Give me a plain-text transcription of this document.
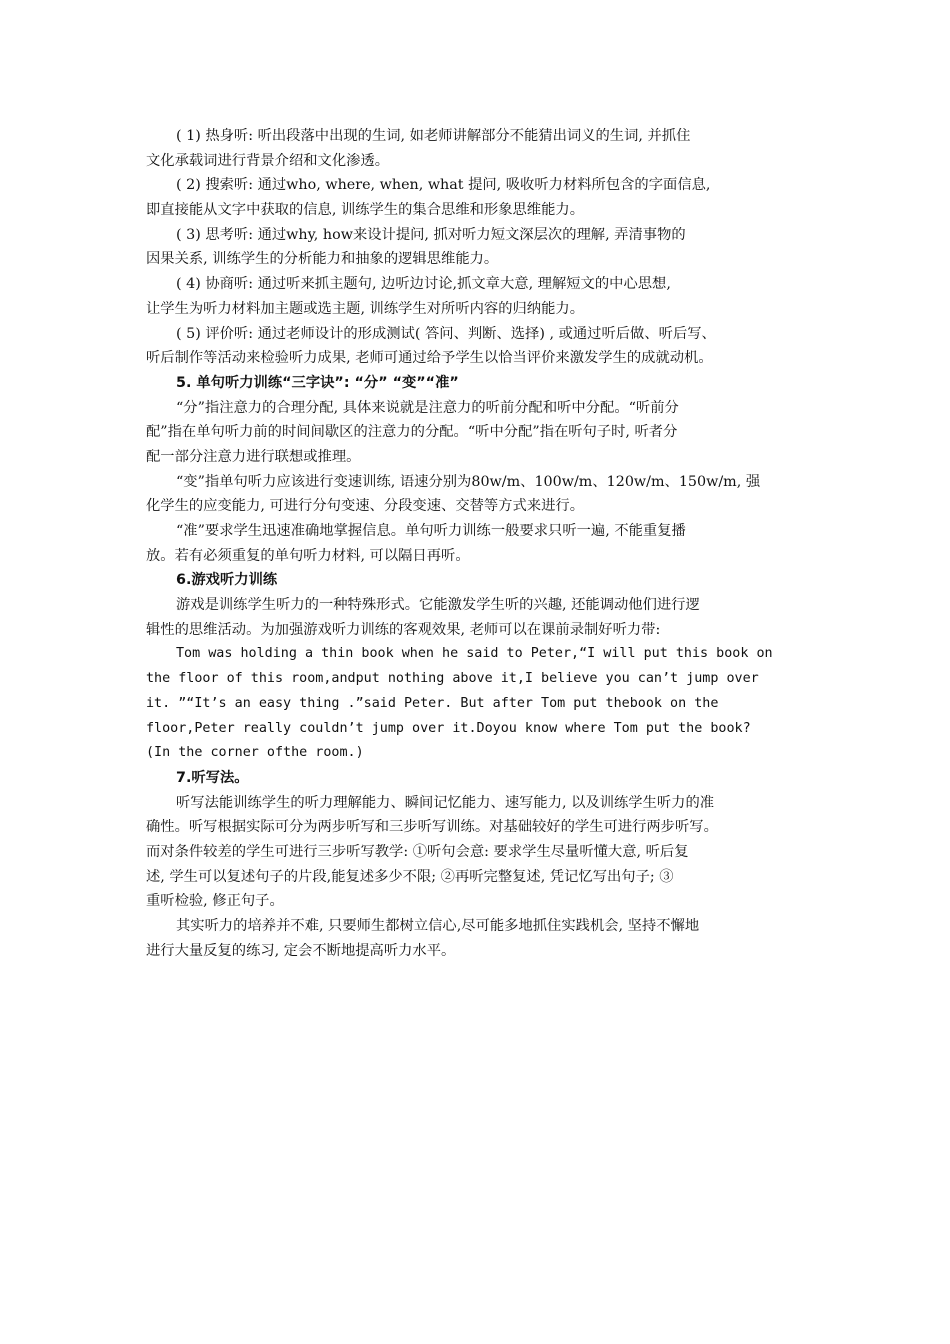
( 1) 热身听: 听出段落中出现的生词, 如老师讲解部分不能猜出词义的生词, 并抓住
文化承载词进行背景介绍和文化渗透。
( 2) 搜索听: 通过who, where, when, what 提问, 吸收听力材料所包含的字面信息,
即直接能从文字中获取的信息, 训练学生的集合思维和形象思维能力。
( 3) 思考听: 通过why, how来设计提问, 抓对听力短文深层次的理解, 弄清事物的
因果关系, 训练学生的分析能力和抽象的逻辑思维能力。
( 4) 协商听: 通过听来抓主题句, 边听边讨论,抓文章大意, 理解短文的中心思想,
让学生为听力材料加主题或选主题, 训练学生对所听内容的归纳能力。
( 5) 评价听: 通过老师设计的形成测试( 答问、判断、选择) , 或通过听后做、听后写、
听后制作等活动来检验听力成果, 老师可通过给予学生以恰当评价来激发学生的成就动机。
5. 单句听力训练“三字诀”: “分” “变”“准”
“分”指注意力的合理分配, 具体来说就是注意力的听前分配和听中分配。“听前分
配”指在单句听力前的时间间歇区的注意力的分配。“听中分配”指在听句子时, 听者分
配一部分注意力进行联想或推理。
“变”指单句听力应该进行变速训练, 语速分别为80w/m、100w/m、120w/m、150w/m, 强
化学生的应变能力, 可进行分句变速、分段变速、交替等方式来进行。
“准”要求学生迅速准确地掌握信息。单句听力训练一般要求只听一遍, 不能重复播
放。若有必须重复的单句听力材料, 可以隔日再听。
6.游戏听力训练
游戏是训练学生听力的一种特殊形式。它能激发学生听的兴趣, 还能调动他们进行逻
辑性的思维活动。为加强游戏听力训练的客观效果, 老师可以在课前录制好听力带:
Tom was holding a thin book when he said to Peter,“I will put this book on
the floor of this room,andput nothing above it,I believe you can’t jump over
it. ”“It’s an easy thing .”said Peter. But after Tom put thebook on the
floor,Peter really couldn’t jump over it.Doyou know where Tom put the book?
(In the corner ofthe room.)
7.听写法。
听写法能训练学生的听力理解能力、瞬间记忆能力、速写能力, 以及训练学生听力的准
确性。听写根据实际可分为两步听写和三步听写训练。对基础较好的学生可进行两步听写。
而对条件较差的学生可进行三步听写教学: ①听句会意: 要求学生尽量听懂大意, 听后复
述, 学生可以复述句子的片段,能复述多少不限; ②再听完整复述, 凭记忆写出句子; ③
重听检验, 修正句子。
其实听力的培养并不难, 只要师生都树立信心,尽可能多地抓住实践机会, 坚持不懈地
进行大量反复的练习, 定会不断地提高听力水平。
